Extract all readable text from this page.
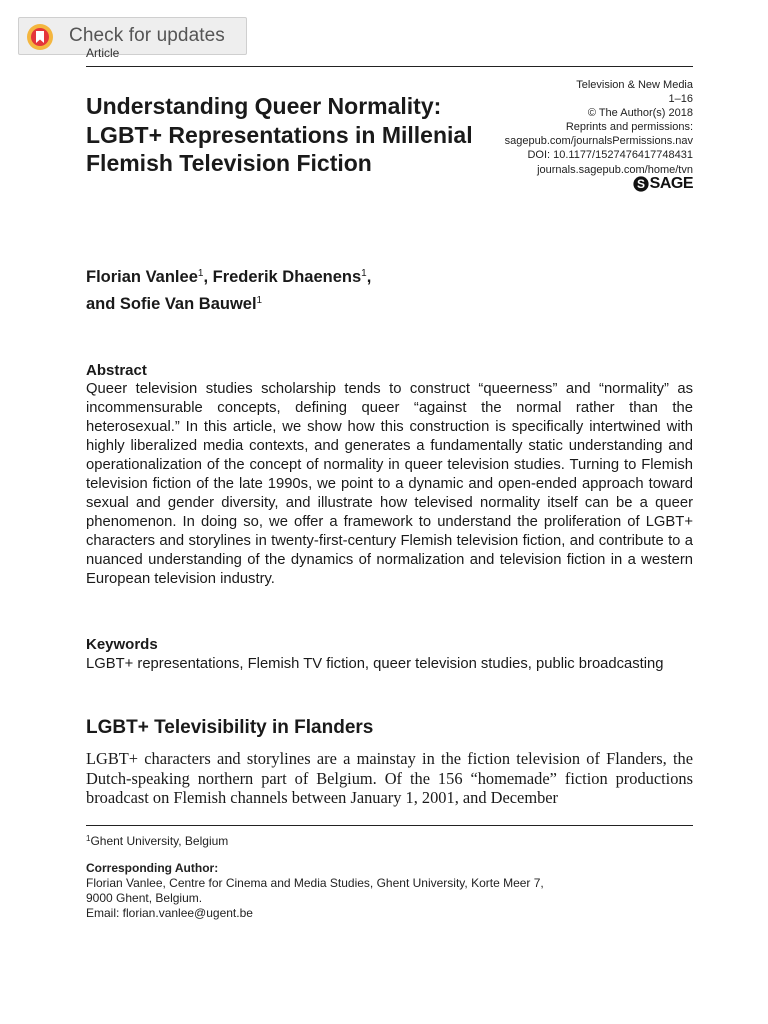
Check for updates
Article
Understanding Queer Normality: LGBT+ Representations in Millenial Flemish Television Fiction
Television & New Media
1–16
© The Author(s) 2018
Reprints and permissions:
sagepub.com/journalsPermissions.nav
DOI: 10.1177/1527476417748431
journals.sagepub.com/home/tvn
S SAGE
Florian Vanlee$^1$, Frederik Dhaenens$^1$,
and Sofie Van Bauwel$^1$
Abstract

Queer television studies scholarship tends to construct “queerness” and “normality” as incommensurable concepts, defining queer “against the normal rather than the heterosexual.” In this article, we show how this construction is specifically intertwined with highly liberalized media contexts, and generates a fundamentally static understanding and operationalization of the concept of normality in queer television studies. Turning to Flemish television fiction of the late 1990s, we point to a dynamic and open-ended approach toward sexual and gender diversity, and illustrate how televised normality itself can be a queer phenomenon. In doing so, we offer a framework to understand the proliferation of LGBT+ characters and storylines in twenty-first-century Flemish television fiction, and contribute to a nuanced understanding of the dynamics of normalization and television fiction in a western European television industry.

Keywords

LGBT+ representations, Flemish TV fiction, queer television studies, public broadcasting

LGBT+ Televisibility in Flanders

LGBT+ characters and storylines are a mainstay in the fiction television of Flanders, the Dutch-speaking northern part of Belgium. Of the 156 “homemade” fiction productions broadcast on Flemish channels between January 1, 2001, and December

$^1$Ghent University, Belgium
Corresponding Author:
Florian Vanlee, Centre for Cinema and Media Studies, Ghent University, Korte Meer 7,
9000 Ghent, Belgium.
Email: florian.vanlee@ugent.be
